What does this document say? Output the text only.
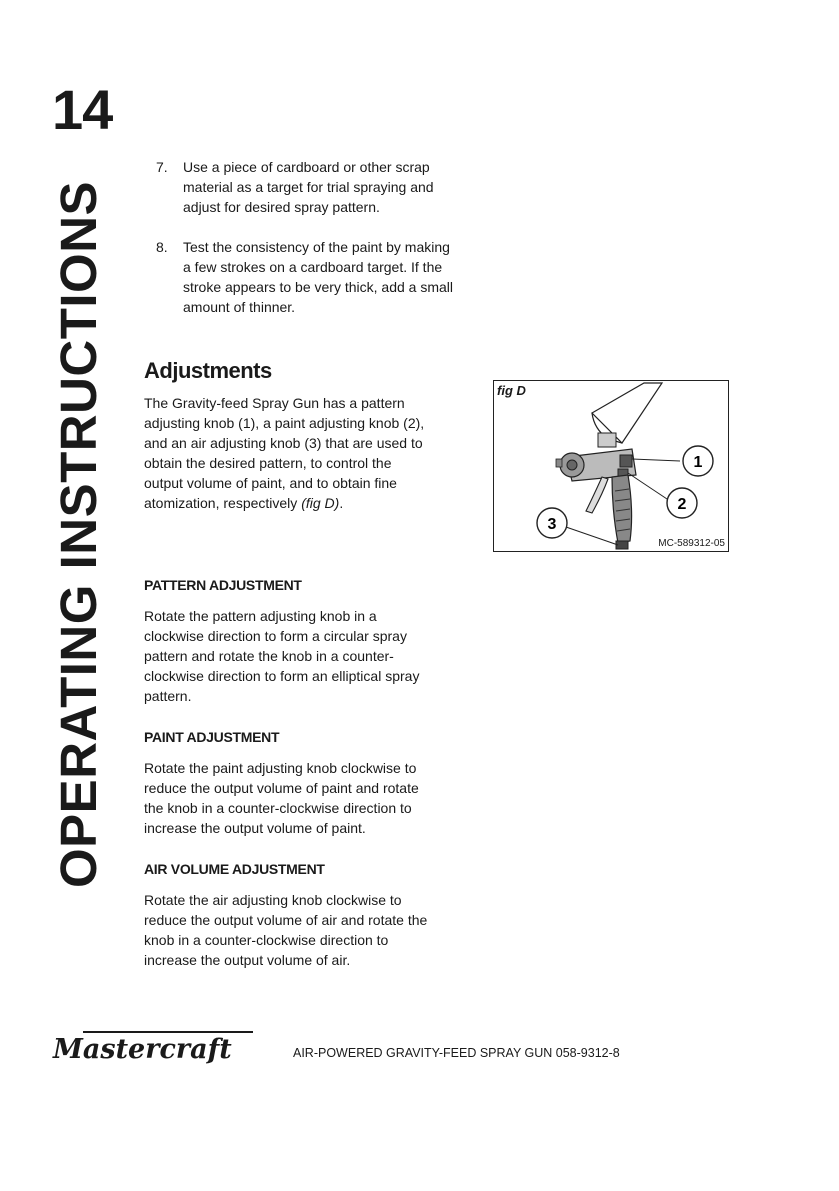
14
OPERATING INSTRUCTIONS
7. Use a piece of cardboard or other scrap material as a target for trial spraying and adjust for desired spray pattern.
8. Test the consistency of the paint by making a few strokes on a cardboard target. If the stroke appears to be very thick, add a small amount of thinner.
Adjustments
The Gravity-feed Spray Gun has a pattern adjusting knob (1), a paint adjusting knob (2), and an air adjusting knob (3) that are used to obtain the desired pattern, to control the output volume of paint, and to obtain fine atomization, respectively (fig D).
fig D
1
2
3
MC-589312-05
PATTERN ADJUSTMENT
Rotate the pattern adjusting knob in a clockwise direction to form a circular spray pattern and rotate the knob in a counter-clockwise direction to form an elliptical spray pattern.
PAINT ADJUSTMENT
Rotate the paint adjusting knob clockwise to reduce the output volume of paint and rotate the knob in a counter-clockwise direction to increase the output volume of paint.
AIR VOLUME ADJUSTMENT
Rotate the air adjusting knob clockwise to reduce the output volume of air and rotate the knob in a counter-clockwise direction to increase the output volume of air.
Mastercraft	AIR-POWERED GRAVITY-FEED SPRAY GUN 058-9312-8
